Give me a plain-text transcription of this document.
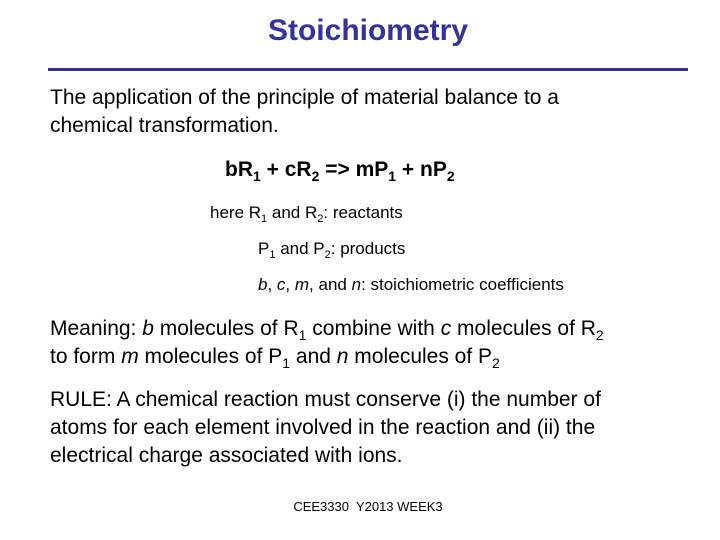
Stoichiometry
The application of the principle of material balance to a
chemical transformation.
$bR_1 + cR_2 => mP_1 + nP_2$
here $R_1$ and $R_2$: reactants
$P_1$ and $P_2$: products
b, c, m, and n: stoichiometric coefficients
Meaning: b molecules of $R_1$ combine with c molecules of $R_2$
to form m molecules of $P_1$ and n molecules of $P_2$
RULE: A chemical reaction must conserve (i) the number of
atoms for each element involved in the reaction and (ii) the
electrical charge associated with ions.
CEE3330  Y2013 WEEK3
